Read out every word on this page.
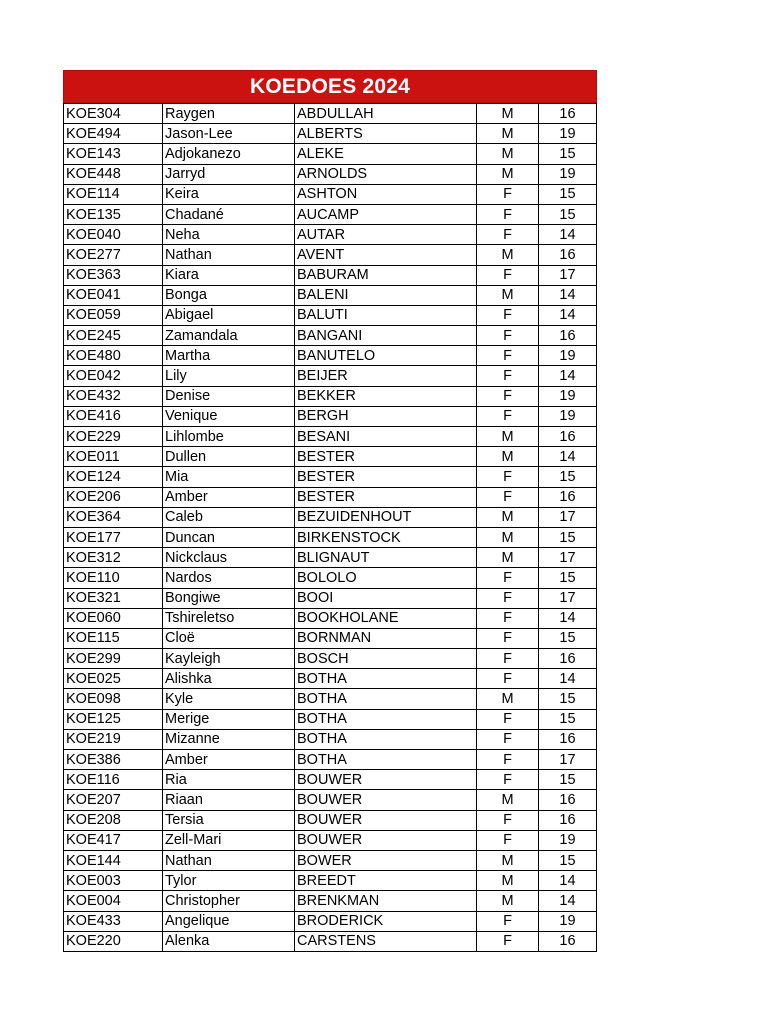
KOEDOES 2024
KOE304	Raygen	ABDULLAH	M	16
KOE494	Jason-Lee	ALBERTS	M	19
KOE143	Adjokanezo	ALEKE	M	15
KOE448	Jarryd	ARNOLDS	M	19
KOE114	Keira	ASHTON	F	15
KOE135	Chadané	AUCAMP	F	15
KOE040	Neha	AUTAR	F	14
KOE277	Nathan	AVENT	M	16
KOE363	Kiara	BABURAM	F	17
KOE041	Bonga	BALENI	M	14
KOE059	Abigael	BALUTI	F	14
KOE245	Zamandala	BANGANI	F	16
KOE480	Martha	BANUTELO	F	19
KOE042	Lily	BEIJER	F	14
KOE432	Denise	BEKKER	F	19
KOE416	Venique	BERGH	F	19
KOE229	Lihlombe	BESANI	M	16
KOE011	Dullen	BESTER	M	14
KOE124	Mia	BESTER	F	15
KOE206	Amber	BESTER	F	16
KOE364	Caleb	BEZUIDENHOUT	M	17
KOE177	Duncan	BIRKENSTOCK	M	15
KOE312	Nickclaus	BLIGNAUT	M	17
KOE110	Nardos	BOLOLO	F	15
KOE321	Bongiwe	BOOI	F	17
KOE060	Tshireletso	BOOKHOLANE	F	14
KOE115	Cloë	BORNMAN	F	15
KOE299	Kayleigh	BOSCH	F	16
KOE025	Alishka	BOTHA	F	14
KOE098	Kyle	BOTHA	M	15
KOE125	Merige	BOTHA	F	15
KOE219	Mizanne	BOTHA	F	16
KOE386	Amber	BOTHA	F	17
KOE116	Ria	BOUWER	F	15
KOE207	Riaan	BOUWER	M	16
KOE208	Tersia	BOUWER	F	16
KOE417	Zell-Mari	BOUWER	F	19
KOE144	Nathan	BOWER	M	15
KOE003	Tylor	BREEDT	M	14
KOE004	Christopher	BRENKMAN	M	14
KOE433	Angelique	BRODERICK	F	19
KOE220	Alenka	CARSTENS	F	16
